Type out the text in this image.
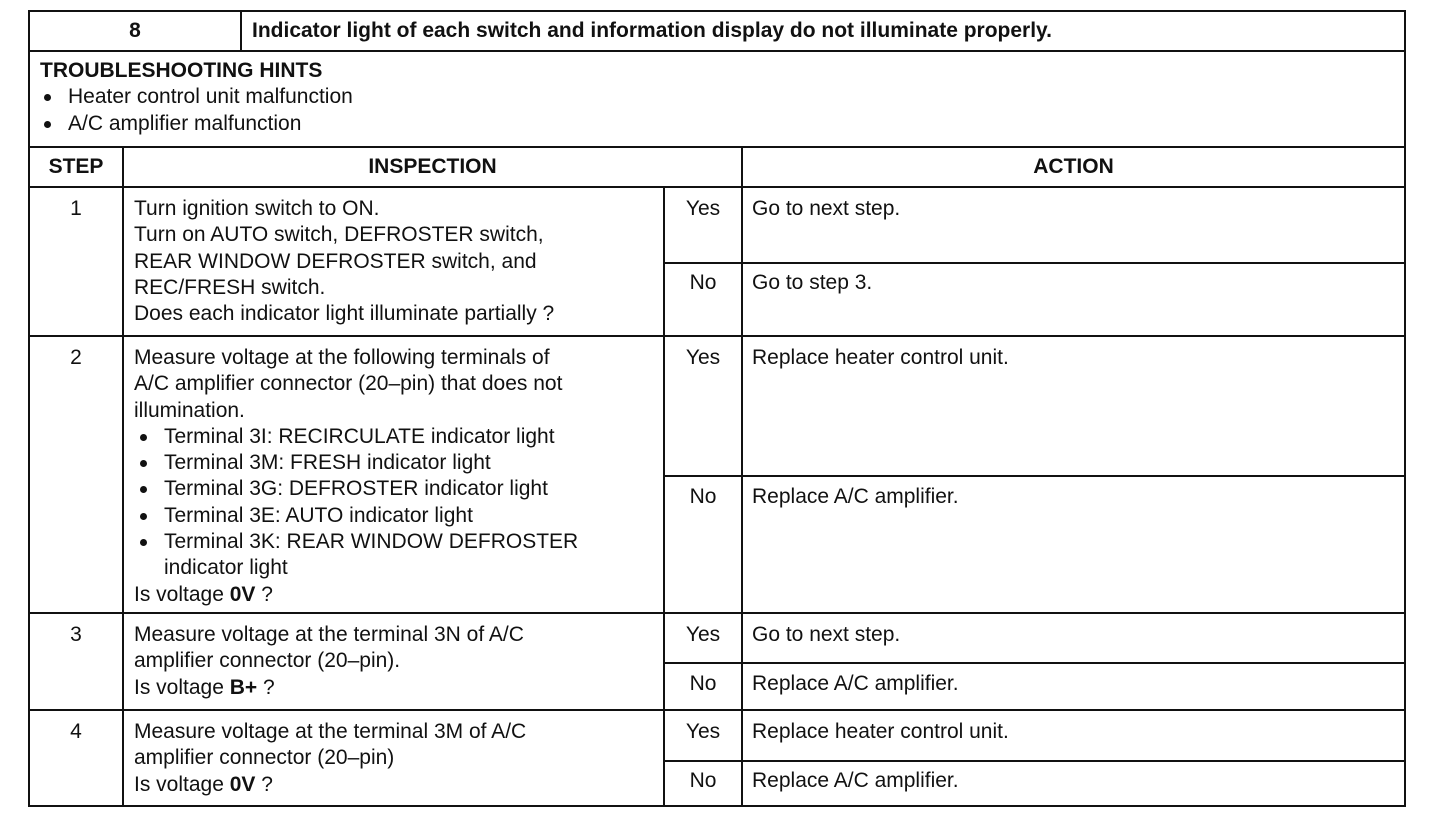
8	Indicator light of each switch and information display do not illuminate properly.
TROUBLESHOOTING HINTS
Heater control unit malfunction
A/C amplifier malfunction
STEP	INSPECTION	ACTION
1	Turn ignition switch to ON.
Turn on AUTO switch, DEFROSTER switch,
REAR WINDOW DEFROSTER switch, and
REC/FRESH switch.
Does each indicator light illuminate partially ?
Yes	Go to next step.
No	Go to step 3.
2	Measure voltage at the following terminals of
A/C amplifier connector (20–pin) that does not
illumination.
Terminal 3I: RECIRCULATE indicator light
Terminal 3M: FRESH indicator light
Terminal 3G: DEFROSTER indicator light
Terminal 3E: AUTO indicator light
Terminal 3K: REAR WINDOW DEFROSTER
indicator light
Is voltage 0V ?
Yes	Replace heater control unit.
No	Replace A/C amplifier.
3	Measure voltage at the terminal 3N of A/C
amplifier connector (20–pin).
Is voltage B+ ?
Yes	Go to next step.
No	Replace A/C amplifier.
4	Measure voltage at the terminal 3M of A/C
amplifier connector (20–pin)
Is voltage 0V ?
Yes	Replace heater control unit.
No	Replace A/C amplifier.
